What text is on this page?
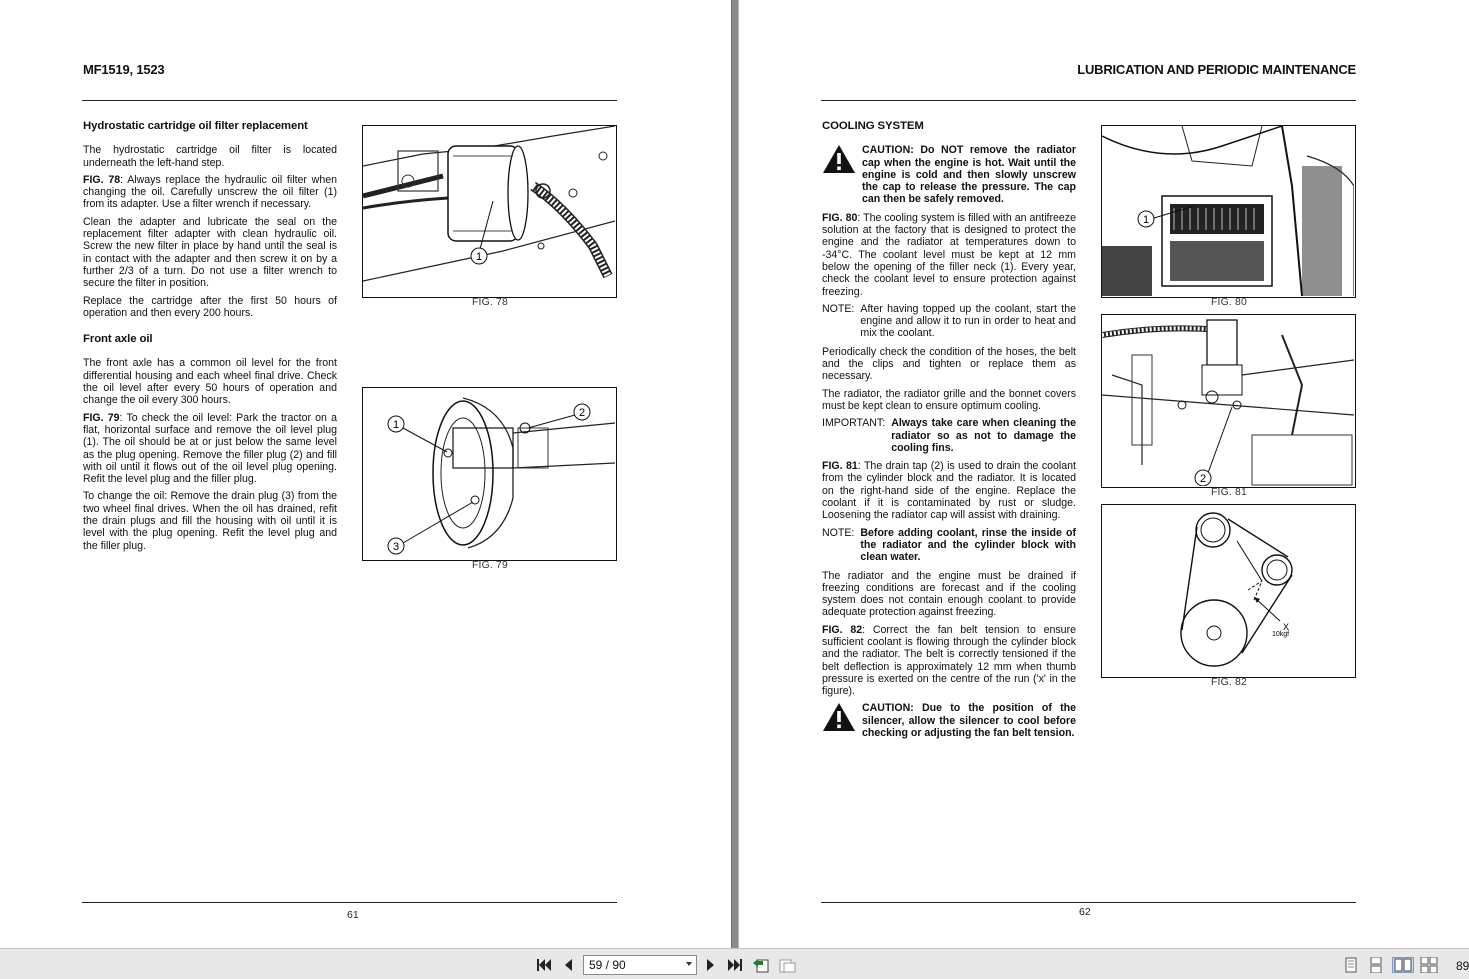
MF1519, 1523
Hydrostatic cartridge oil filter replacement

The hydrostatic cartridge oil filter is located underneath the left-hand step.

FIG. 78: Always replace the hydraulic oil filter when changing the oil. Carefully unscrew the oil filter (1) from its adapter. Use a filter wrench if necessary.

Clean the adapter and lubricate the seal on the replacement filter adapter with clean hydraulic oil. Screw the new filter in place by hand until the seal is in contact with the adapter and then screw it on by a further 2/3 of a turn. Do not use a filter wrench to secure the filter in position.

Replace the cartridge after the first 50 hours of operation and then every 200 hours.

Front axle oil

The front axle has a common oil level for the front differential housing and each wheel final drive. Check the oil level after every 50 hours of operation and change the oil every 300 hours.

FIG. 79: To check the oil level: Park the tractor on a flat, horizontal surface and remove the oil level plug (1). The oil should be at or just below the same level as the plug opening. Remove the filler plug (2) and fill with oil until it flows out of the oil level plug opening. Refit the level plug and the filler plug.

To change the oil: Remove the drain plug (3) from the two wheel final drives. When the oil has drained, refit the drain plugs and fill the housing with oil until it is level with the plug opening. Refit the level plug and the filler plug.

1
FIG. 78
1
2
3
FIG. 79
61
LUBRICATION AND PERIODIC MAINTENANCE
COOLING SYSTEM
CAUTION: Do NOT remove the radiator cap when the engine is hot. Wait until the engine is cold and then slowly unscrew the cap to release the pressure. The cap can then be safely removed.

FIG. 80: The cooling system is filled with an antifreeze solution at the factory that is designed to protect the engine and the radiator at temperatures down to -34°C. The coolant level must be kept at 12 mm below the opening of the filler neck (1). Every year, check the coolant level to ensure protection against freezing.

NOTE: After having topped up the coolant, start the engine and allow it to run in order to heat and mix the coolant.

Periodically check the condition of the hoses, the belt and the clips and tighten or replace them as necessary.

The radiator, the radiator grille and the bonnet covers must be kept clean to ensure optimum cooling.

IMPORTANT: Always take care when cleaning the radiator so as not to damage the cooling fins.

FIG. 81: The drain tap (2) is used to drain the coolant from the cylinder block and the radiator. It is located on the right-hand side of the engine. Replace the coolant if it is contaminated by rust or sludge. Loosening the radiator cap will assist with draining.

NOTE: Before adding coolant, rinse the inside of the radiator and the cylinder block with clean water.

The radiator and the engine must be drained if freezing conditions are forecast and if the cooling system does not contain enough coolant to provide adequate protection against freezing.

FIG. 82: Correct the fan belt tension to ensure sufficient coolant is flowing through the cylinder block and the radiator. The belt is correctly tensioned if the belt deflection is approximately 12 mm when thumb pressure is exerted on the centre of the run ('x' in the figure).

CAUTION: Due to the position of the silencer, allow the silencer to cool before checking or adjusting the fan belt tension.
1
FIG. 80
2
FIG. 81
X
10kgf
FIG. 82
62
59 / 90	89
